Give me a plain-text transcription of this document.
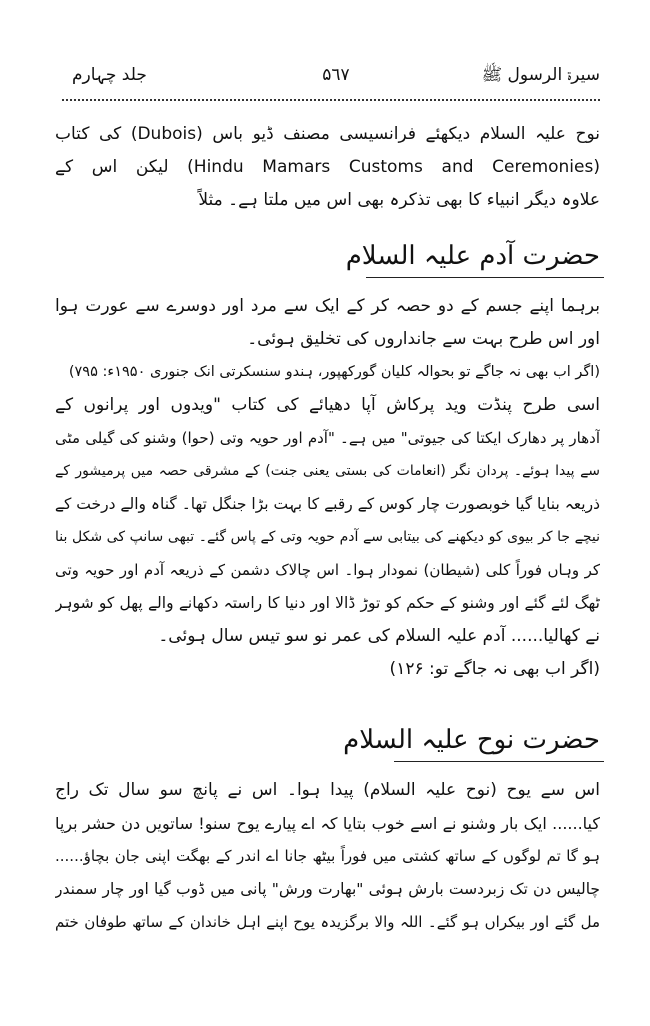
سیرۃ الرسول ﷺ
۵٦۷
جلد چہارم
نوح علیہ السلام دیکھئے فرانسیسی مصنف ڈیو باس (Dubois) کی کتاب
(Hindu Mamars Customs and Ceremonies) لیکن اس کے
علاوہ دیگر انبیاء کا بھی تذکرہ بھی اس میں ملتا ہے۔ مثلاً
حضرت آدم علیہ السلام
برہما اپنے جسم کے دو حصہ کر کے ایک سے مرد اور دوسرے سے عورت ہوا
اور اس طرح بہت سے جانداروں کی تخلیق ہوئی۔
(اگر اب بھی نہ جاگے تو بحوالہ کلیان گورکھپور، ہندو سنسکرتی انک جنوری ۱۹۵۰ء: ۷۹۵)
اسی طرح پنڈت وید پرکاش آپا دھیائے کی کتاب "ویدوں اور پرانوں کے
آدھار پر دھارک ایکتا کی جیوتی" میں ہے۔ "آدم اور حویہ وتی (حوا) وشنو کی گیلی مٹی
سے پیدا ہوئے۔ پردان نگر (انعامات کی بستی یعنی جنت) کے مشرقی حصہ میں پرمیشور کے
ذریعہ بنایا گیا خوبصورت چار کوس کے رقبے کا بہت بڑا جنگل تھا۔ گناہ والے درخت کے
نیچے جا کر بیوی کو دیکھنے کی بیتابی سے آدم حویہ وتی کے پاس گئے۔ تبھی سانپ کی شکل بنا
کر وہاں فوراً کلی (شیطان) نمودار ہوا۔ اس چالاک دشمن کے ذریعہ آدم اور حویہ وتی
ٹھگ لئے گئے اور وشنو کے حکم کو توڑ ڈالا اور دنیا کا راستہ دکھانے والے پھل کو شوہر
نے کھالیا...... آدم علیہ السلام کی عمر نو سو تیس سال ہوئی۔
(اگر اب بھی نہ جاگے تو: ۱۲۶)
حضرت نوح علیہ السلام
اس سے یوح (نوح علیہ السلام) پیدا ہوا۔ اس نے پانچ سو سال تک راج
کیا...... ایک بار وشنو نے اسے خوب بتایا کہ اے پیارے یوح سنو! ساتویں دن حشر برپا
ہو گا تم لوگوں کے ساتھ کشتی میں فوراً بیٹھ جانا اے اندر کے بھگت اپنی جان بچاؤ......
چالیس دن تک زبردست بارش ہوئی "بھارت ورش" پانی میں ڈوب گیا اور چار سمندر
مل گئے اور بیکراں ہو گئے۔ اللہ والا برگزیدہ یوح اپنے اہل خاندان کے ساتھ طوفان ختم
